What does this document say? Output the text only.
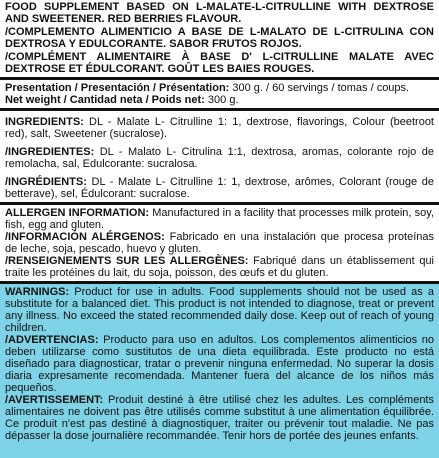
FOOD SUPPLEMENT BASED ON L-MALATE-L-CITRULLINE WITH DEXTROSE AND SWEETENER. RED BERRIES FLAVOUR.

/COMPLEMENTO ALIMENTICIO A BASE DE L-MALATO DE L-CITRULINA CON DEXTROSA Y EDULCORANTE. SABOR FRUTOS ROJOS.

/COMPLÉMENT ALIMENTAIRE À BASE D' L-CITRULLINE MALATE AVEC DEXTROSE ET ÉDULCORANT. GOÛT LES BAIES ROUGES.

Presentation / Presentación / Présentation: 300 g. / 60 servings / tomas / coups.

Net weight / Cantidad neta / Poids net: 300 g.

INGREDIENTS: DL - Malate L- Citrulline 1: 1, dextrose, flavorings, Colour (beetroot red), salt, Sweetener (sucralose).

/INGREDIENTES: DL - Malato L- Citrulina 1:1, dextrosa, aromas, colorante rojo de remolacha, sal, Edulcorante: sucralosa.

/INGRÉDIENTS: DL - Malate L- Citrulline 1: 1, dextrose, arômes, Colorant (rouge de betterave), sel, Édulcorant: sucralose.

ALLERGEN INFORMATION: Manufactured in a facility that processes milk protein, soy, fish, egg and gluten.

/INFORMACIÓN ALÉRGENOS: Fabricado en una instalación que procesa proteínas de leche, soja, pescado, huevo y gluten.

/RENSEIGNEMENTS SUR LES ALLERGÈNES: Fabriqué dans un établissement qui traite les protéines du lait, du soja, poisson, des œufs et du gluten.

WARNINGS: Product for use in adults. Food supplements should not be used as a substitute for a balanced diet. This product is not intended to diagnose, treat or prevent any illness. No exceed the stated recommended daily dose. Keep out of reach of young children.

/ADVERTENCIAS: Producto para uso en adultos. Los complementos alimenticios no deben utilizarse como sustitutos de una dieta equilibrada. Este producto no está diseñado para diagnosticar, tratar o prevenir ninguna enfermedad. No superar la dosis diaria expresamente recomendada. Mantener fuera del alcance de los niños más pequeños.

/AVERTISSEMENT: Produit destiné à être utilisé chez les adultes. Les compléments alimentaires ne doivent pas être utilisés comme substitut à une alimentation équilibrée. Ce produit n'est pas destiné à diagnostiquer, traiter ou prévenir tout maladie. Ne pas dépasser la dose journalière recommandée. Tenir hors de portée des jeunes enfants.
